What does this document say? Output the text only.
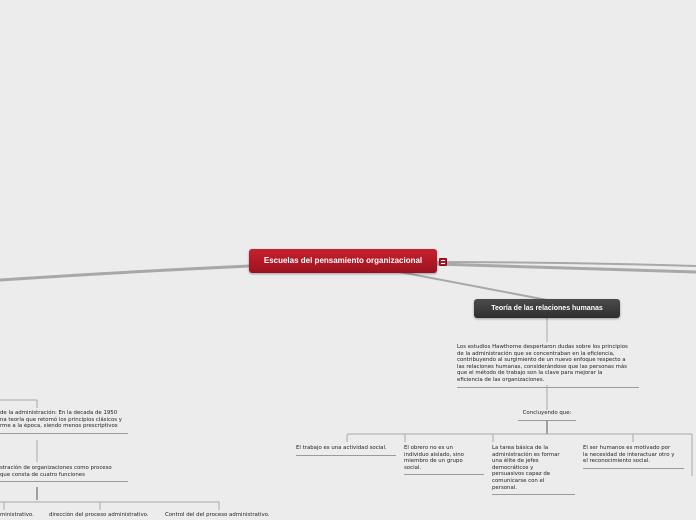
Escuelas del pensamiento organizacional
Teoría de las relaciones humanas
Los estudios Hawthorne despertaron dudas sobre los principios
de la administración que se concentraban en la eficiencia,
contribuyendo al surgimiento de un nuevo enfoque respecto a
las relaciones humanas, considerándose que las personas más
que el método de trabajo son la clave para mejorar la
eficiencia de las organizaciones.
Concluyendo que:
El trabajo es una actividad social.	El obrero no es un
individuo aislado, sino
miembro de un grupo
social.
La tarea básica de la
administración es formar
una élite de jefes
democráticos y
persuasivos capaz de
comunicarse con el
personal.
El ser humanos es motivado por
la necesidad de interactuar otro y
el reconocimiento social.
de la administración: En la decada de 1950
na teoría que retomó los principios clásicos y
rme a la época, siendo menos prescriptivos
stración de organizaciones como proceso
que consta de cuatro funciones
ministrativo.	dirección del proceso administrativo.	Control del del proceso administrativo.
